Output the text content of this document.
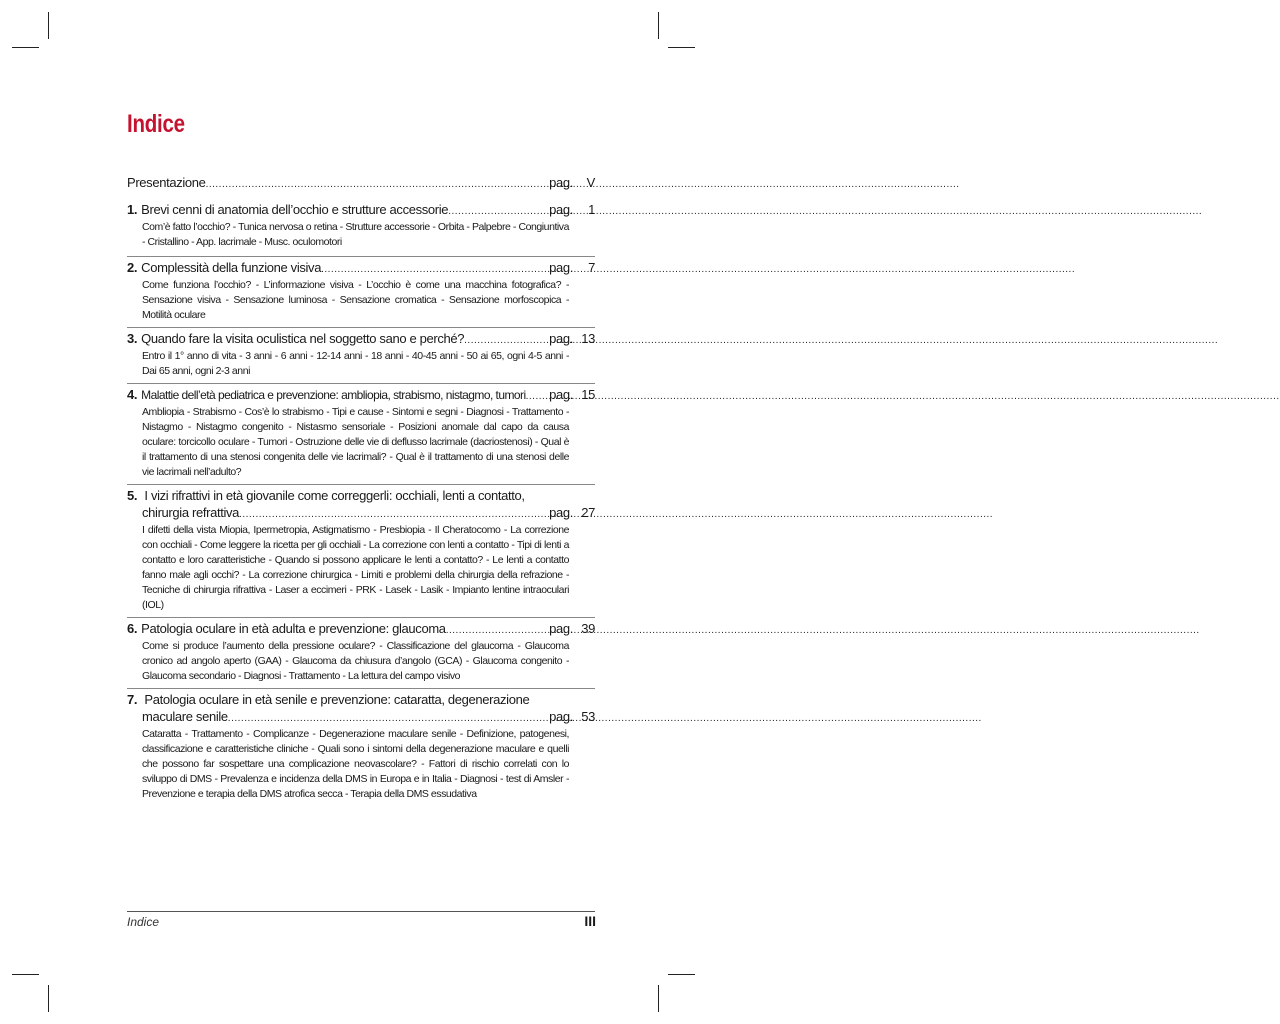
Indice
Presentazione .....	pag.	V
1. Brevi cenni di anatomia dell’occhio e strutture accessorie .....	pag.	1
Com’è fatto l’occhio? - Tunica nervosa o retina - Strutture accessorie - Orbita - Palpebre - Congiuntiva - Cristallino - App. lacrimale - Musc. oculomotori
2. Complessità della funzione visiva .....	pag.	7
Come funziona l’occhio? - L’informazione visiva - L’occhio è come una macchina fotografica? - Sensazione visiva - Sensazione luminosa - Sensazione cromatica - Sensazione morfoscopica - Motilità oculare
3. Quando fare la visita oculistica nel soggetto sano e perché? .....	pag. 13
Entro il 1° anno di vita - 3 anni - 6 anni - 12-14 anni - 18 anni - 40-45 anni - 50 ai 65, ogni 4-5 anni - Dai 65 anni, ogni 2-3 anni
4. Malattie dell’età pediatrica e prevenzione: ambliopia, strabismo, nistagmo, tumori ..... pag. 15
Ambliopia - Strabismo - Cos’è lo strabismo - Tipi e cause - Sintomi e segni - Diagnosi - Trattamento - Nistagmo - Nistagmo congenito - Nistasmo sensoriale - Posizioni anomale dal capo da causa oculare: torcicollo oculare - Tumori - Ostruzione delle vie di deflusso lacrimale (dacriostenosi) - Qual è il trattamento di una stenosi congenita delle vie lacrimali? - Qual è il trattamento di una stenosi delle vie lacrimali nell’adulto?
5. I vizi rifrattivi in età giovanile come correggerli: occhiali, lenti a contatto,
chirurgia refrattiva .....	pag. 27
I difetti della vista Miopia, Ipermetropia, Astigmatismo - Presbiopia - Il Cheratocomo - La correzione con occhiali - Come leggere la ricetta per gli occhiali - La correzione con lenti a contatto - Tipi di lenti a contatto e loro caratteristiche - Quando si possono applicare le lenti a contatto? - Le lenti a contatto fanno male agli occhi? - La correzione chirurgica - Limiti e problemi della chirurgia della refrazione - Tecniche di chirurgia rifrattiva - Laser a eccimeri - PRK - Lasek - Lasik - Impianto lentine intraoculari (IOL)
6. Patologia oculare in età adulta e prevenzione: glaucoma .....	pag. 39
Come si produce l’aumento della pressione oculare? - Classificazione del glaucoma - Glaucoma cronico ad angolo aperto (GAA) - Glaucoma da chiusura d’angolo (GCA) - Glaucoma congenito - Glaucoma secondario - Diagnosi - Trattamento - La lettura del campo visivo
7. Patologia oculare in età senile e prevenzione: cataratta, degenerazione
maculare senile .....	pag. 53
Cataratta - Trattamento - Complicanze - Degenerazione maculare senile - Definizione, patogenesi, classificazione e caratteristiche cliniche - Quali sono i sintomi della degenerazione maculare e quelli che possono far sospettare una complicazione neovascolare? - Fattori di rischio correlati con lo sviluppo di DMS - Prevalenza e incidenza della DMS in Europa e in Italia - Diagnosi - test di Amsler - Prevenzione e terapia della DMS atrofica secca - Terapia della DMS essudativa
Indice	III
